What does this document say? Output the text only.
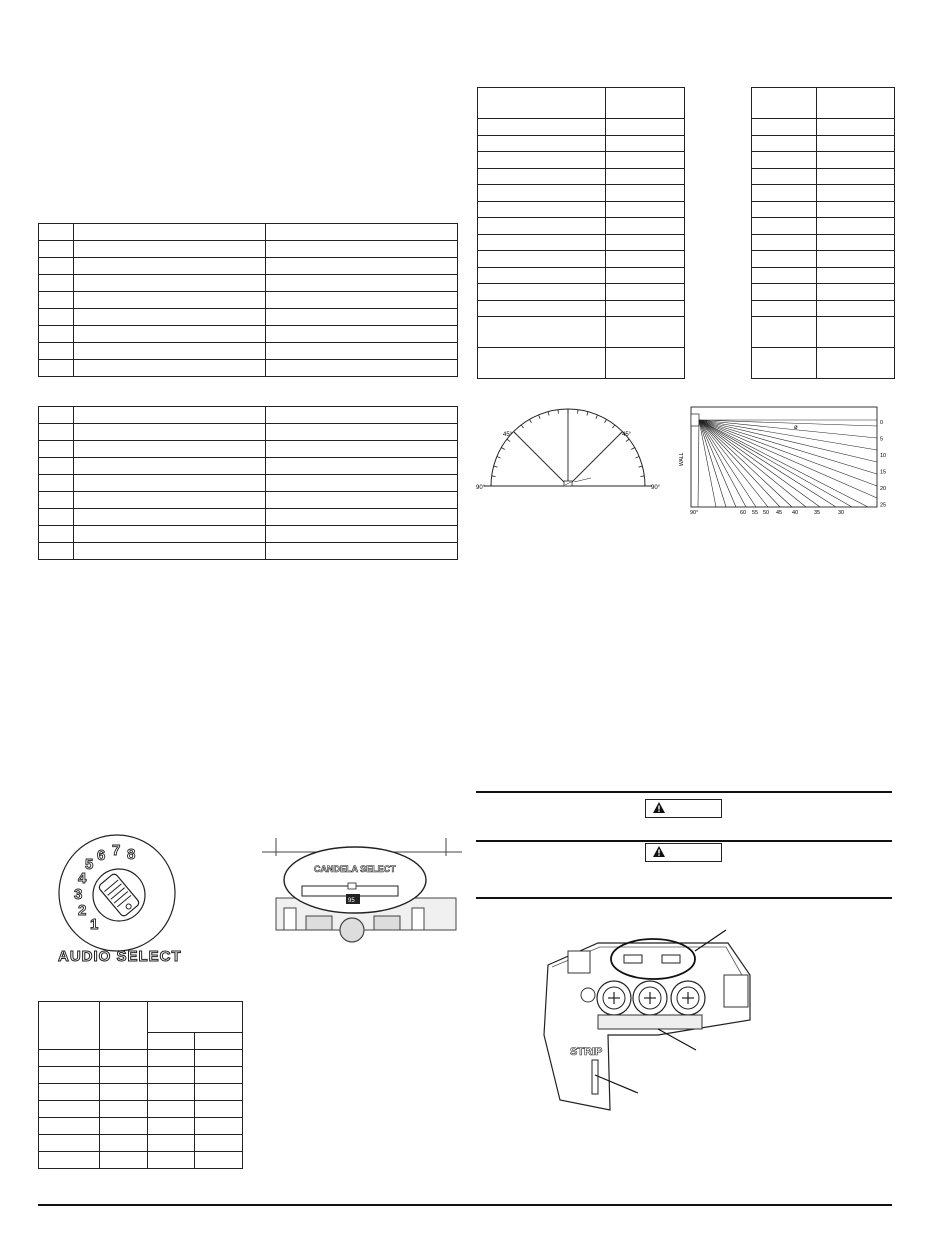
45°	45°
90°	90°
WALL
ø
0
5
10
15
20
25
90°	60 55 50 45 40	35	30
1
2
3
4
5
6 7 8
AUDIO SELECT
95
CANDELA SELECT

STRIP
